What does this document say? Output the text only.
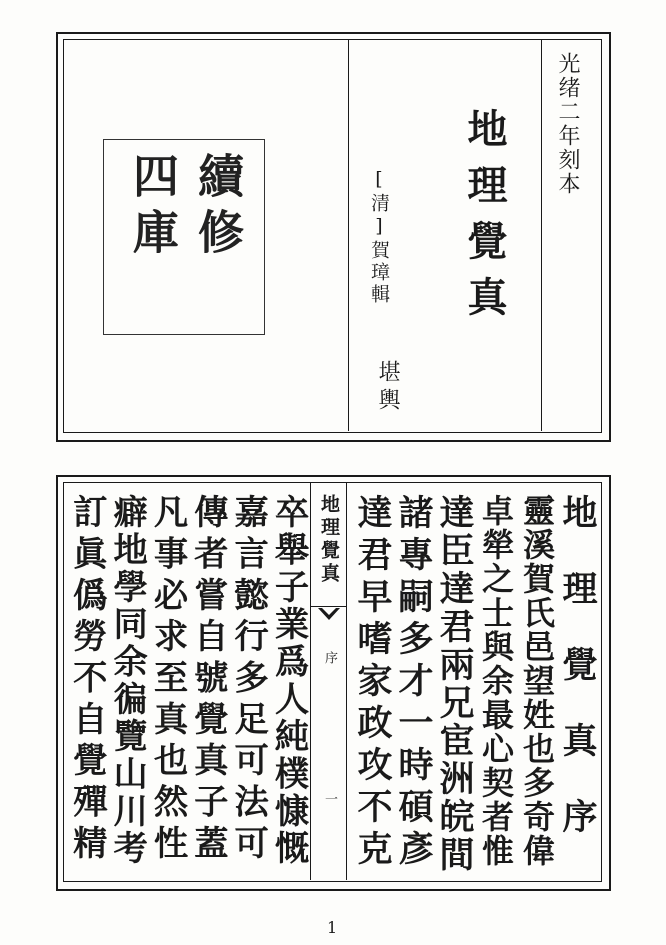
續修
四庫
光绪二年刻本
地理覺真
[清]賀璋輯
堪輿
地理覺真
序
一	地理覺真序
靈溪賀氏邑望姓也多奇偉
卓犖之士與余最心契者惟
達臣達君兩兄宦洲皖間
諸專嗣多才一時碩彥
卒舉子業爲人純樸慷慨
嘉言懿行多足可法可
傳者嘗自號覺真子蓋
凡事必求至真也然性
癖地學同余徧覽山川考
1
達君早嗜家政攻不克
訂眞僞勞不自覺殫精
